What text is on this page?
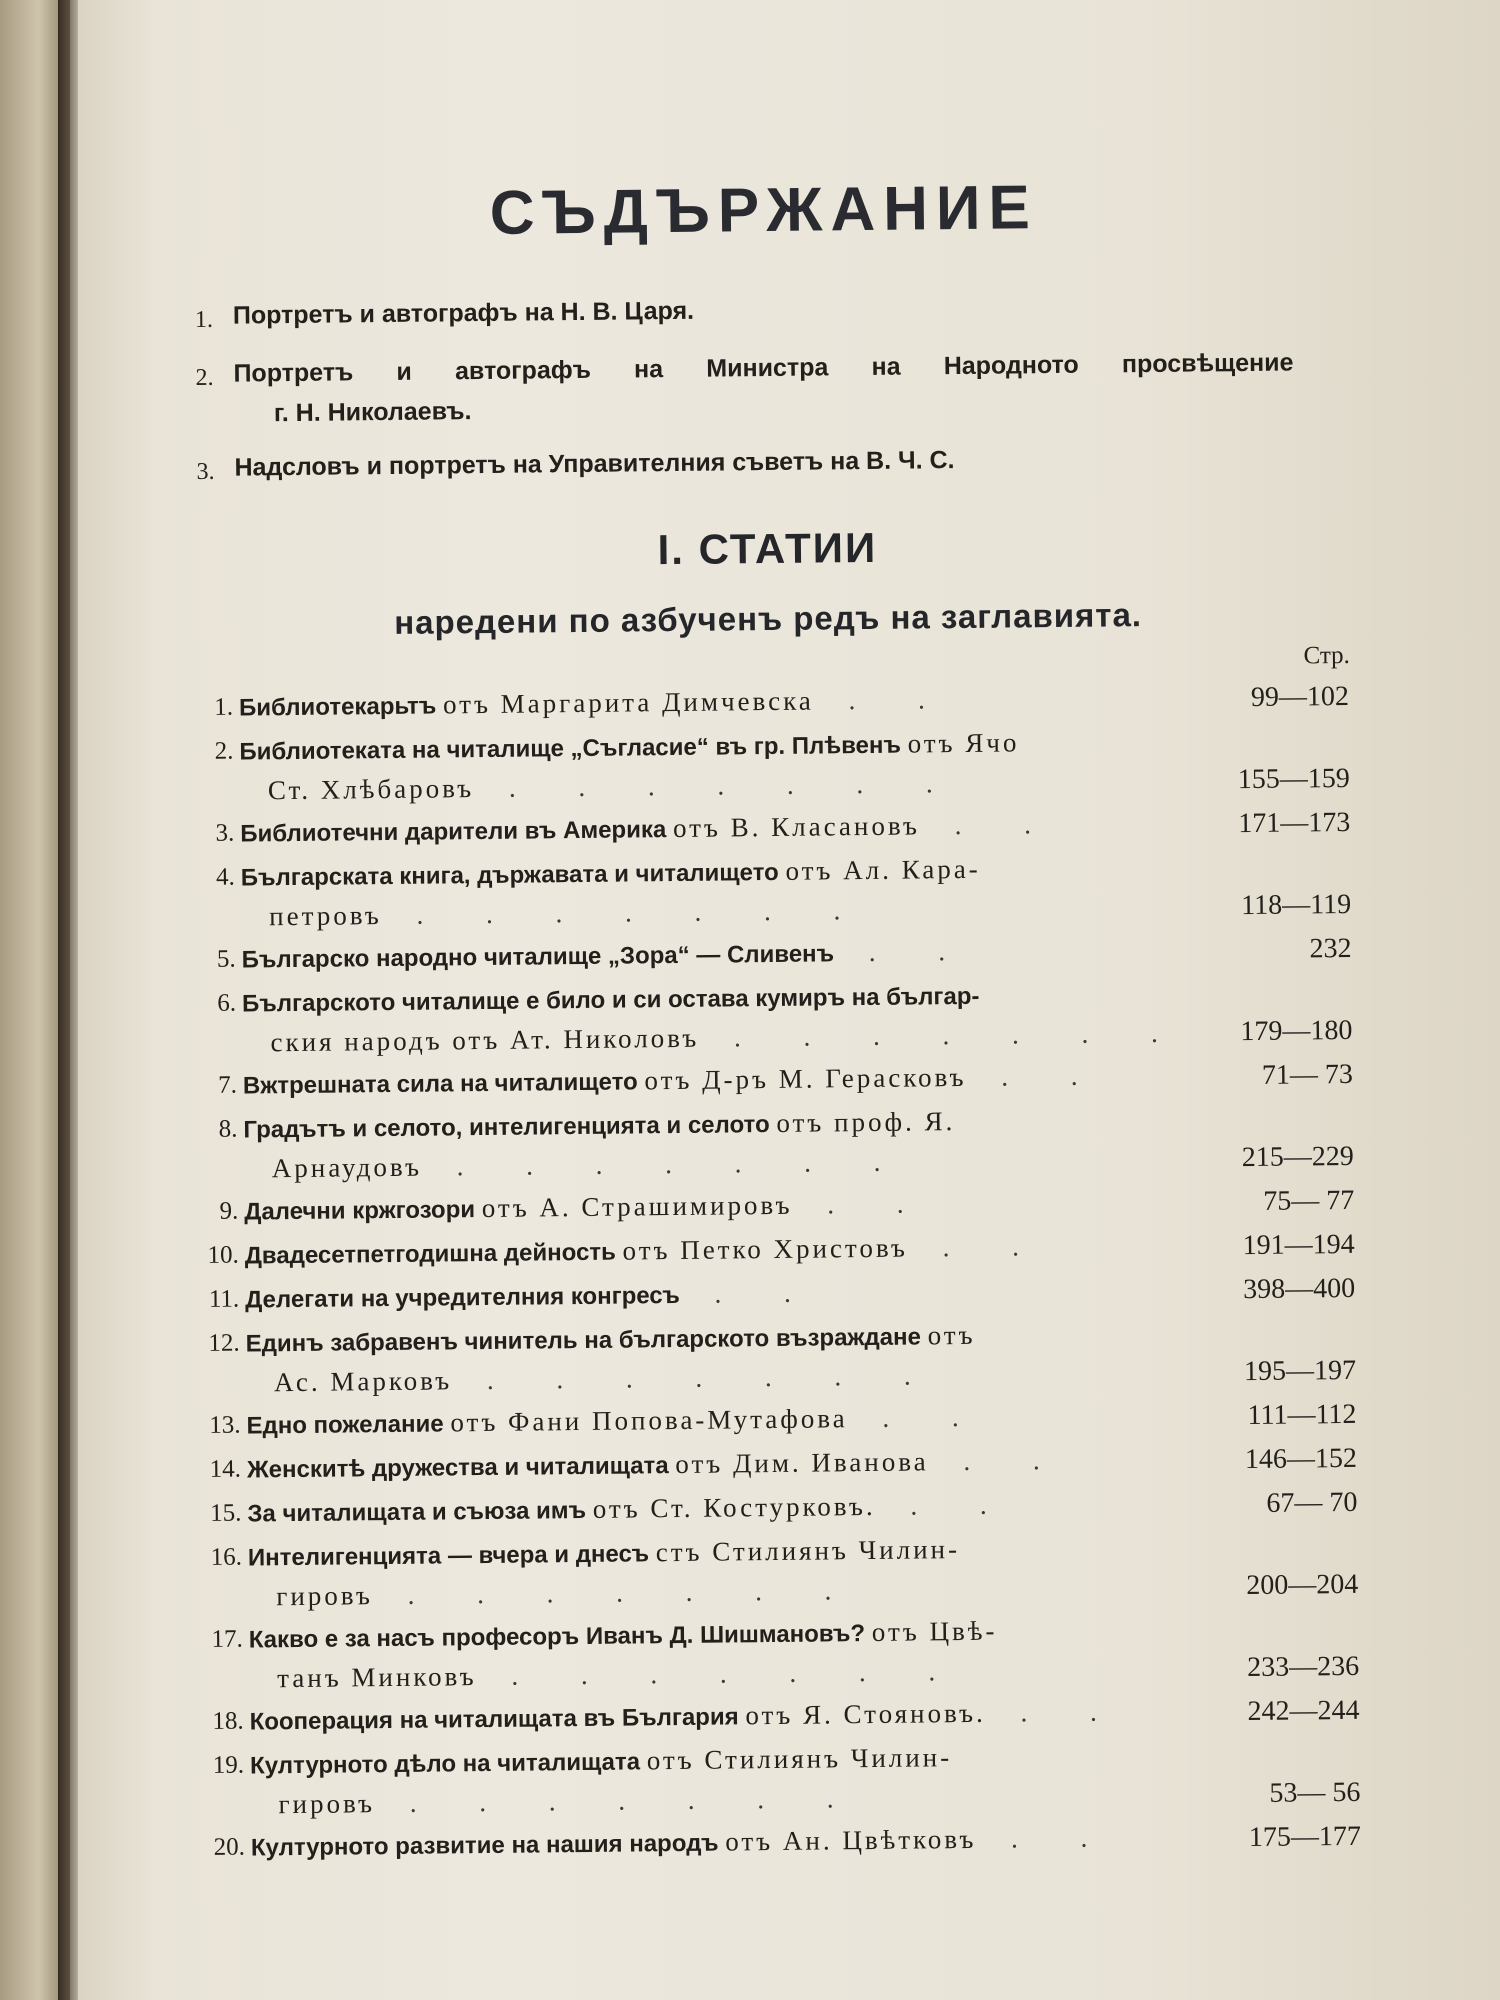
СЪДЪРЖАНИЕ
1. Портретъ и автографъ на Н. В. Царя.
2. Портретъ и автографъ на Министра на Народното просвѣщение
г. Н. Николаевъ.
3. Надсловъ и портретъ на Управителния съветъ на В. Ч. С.
I. СТАТИИ
наредени по азбученъ редъ на заглавията.
Стр.
1. Библиотекарьтъ отъ Маргарита Димчевска . .	99—102
2. Библиотеката на читалище „Съгласие“ въ гр. Плѣвенъ отъ Ячо
Ст. Хлѣбаровъ . . . . . . .	155—159
3. Библиотечни дарители въ Америка отъ В. Класановъ . .	171—173
4. Българската книга, държавата и читалището отъ Ал. Кара-
петровъ . . . . . . .	118—119
5. Българско народно читалище „Зора“ — Сливенъ . .	232
6. Българското читалище е било и си остава кумиръ на българ-
ския народъ отъ Ат. Николовъ . . . . . . .	179—180
7. Вжтрешната сила на читалището отъ Д-ръ М. Герасковъ . .	71— 73
8. Градътъ и селото, интелигенцията и селото отъ проф. Я.
Арнаудовъ . . . . . . .	215—229
9. Далечни кржгозори отъ А. Страшимировъ . .	75— 77
10. Двадесетпетгодишна дейность отъ Петко Христовъ . .	191—194
11. Делегати на учредителния конгресъ . .	398—400
12. Единъ забравенъ чинитель на българското възраждане отъ
Ас. Марковъ . . . . . . .	195—197
13. Едно пожелание отъ Фани Попова-Мутафова . .	111—112
14. Женскитѣ дружества и читалищата отъ Дим. Иванова . .	146—152
15. За читалищата и съюза имъ отъ Ст. Костурковъ. . .	67— 70
16. Интелигенцията — вчера и днесъ стъ Стилиянъ Чилин-
гировъ . . . . . . .	200—204
17. Какво е за насъ професоръ Иванъ Д. Шишмановъ? отъ Цвѣ-
танъ Минковъ . . . . . . .	233—236
18. Кооперация на читалищата въ България отъ Я. Стояновъ. . .	242—244
19. Културното дѣло на читалищата отъ Стилиянъ Чилин-
гировъ . . . . . . .	53— 56
20. Културното развитие на нашия народъ отъ Ан. Цвѣтковъ . .	175—177
